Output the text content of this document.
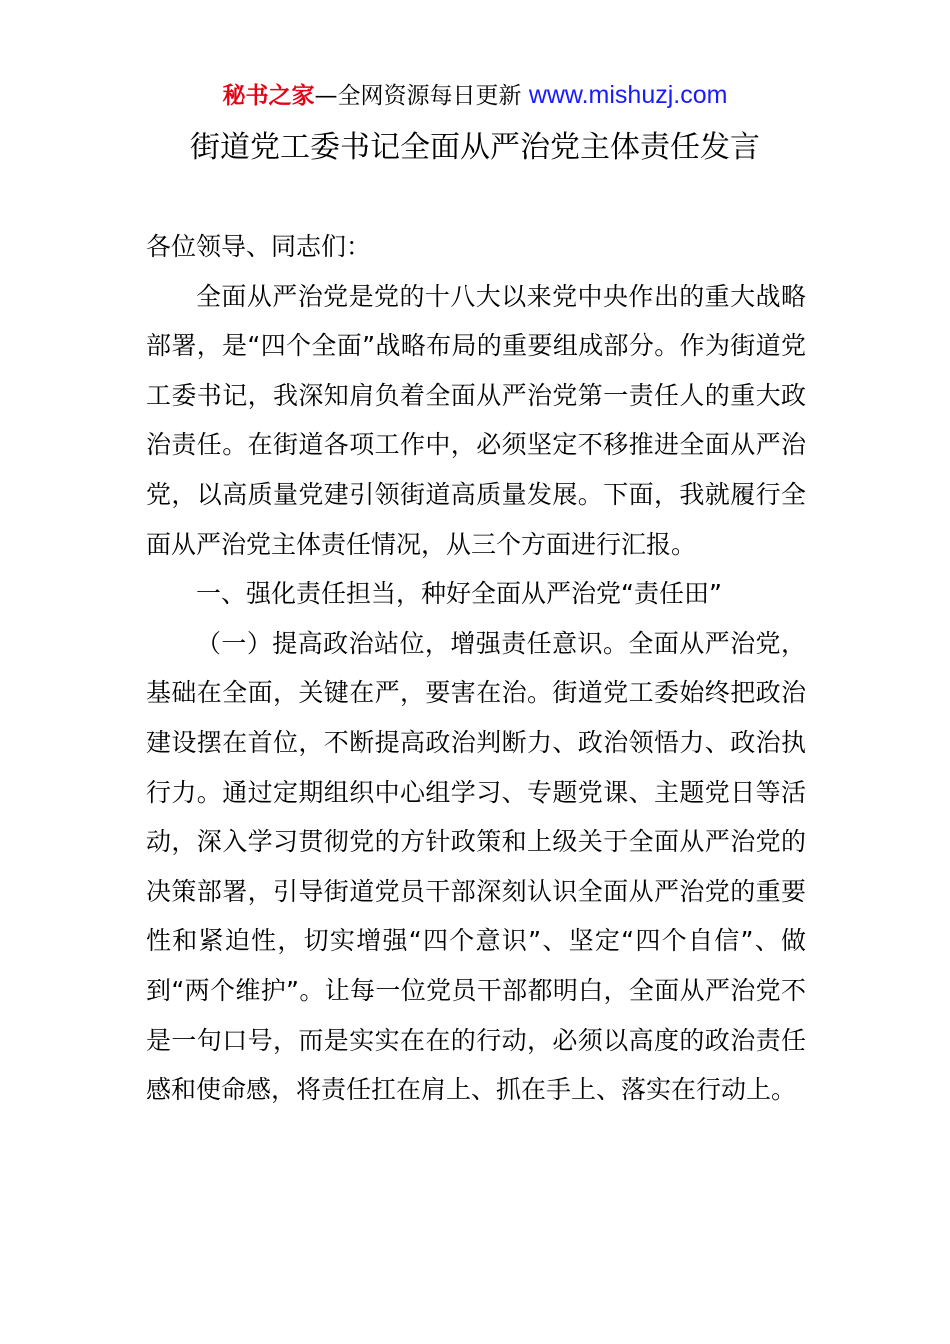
秘书之家—全网资源每日更新 www.mishuzj.com
街道党工委书记全面从严治党主体责任发言

各位领导、同志们：

全面从严治党是党的十八大以来党中央作出的重大战略部署，是“四个全面”战略布局的重要组成部分。作为街道党工委书记，我深知肩负着全面从严治党第一责任人的重大政治责任。在街道各项工作中，必须坚定不移推进全面从严治党，以高质量党建引领街道高质量发展。下面，我就履行全面从严治党主体责任情况，从三个方面进行汇报。

一、强化责任担当，种好全面从严治党“责任田”

（一）提高政治站位，增强责任意识。全面从严治党，基础在全面，关键在严，要害在治。街道党工委始终把政治建设摆在首位，不断提高政治判断力、政治领悟力、政治执行力。通过定期组织中心组学习、专题党课、主题党日等活动，深入学习贯彻党的方针政策和上级关于全面从严治党的决策部署，引导街道党员干部深刻认识全面从严治党的重要性和紧迫性，切实增强“四个意识”、坚定“四个自信”、做到“两个维护”。让每一位党员干部都明白，全面从严治党不是一句口号，而是实实在在的行动，必须以高度的政治责任感和使命感，将责任扛在肩上、抓在手上、落实在行动上。
